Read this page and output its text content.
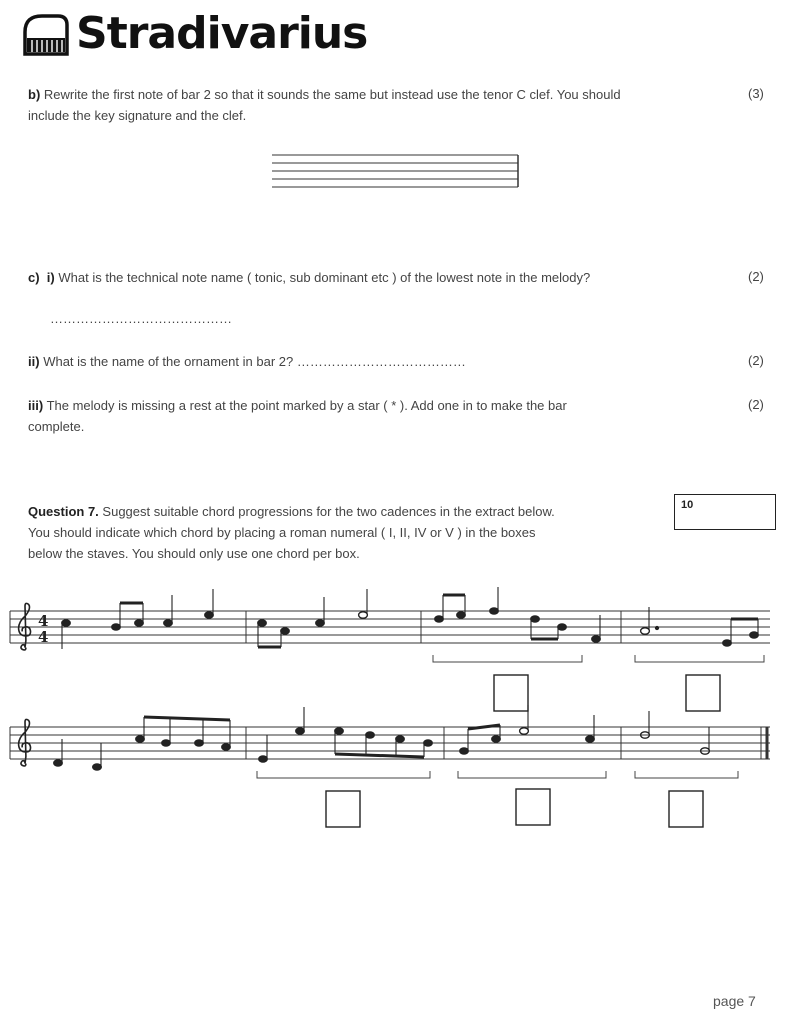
Stradivarius
b) Rewrite the first note of bar 2 so that it sounds the same but instead use the tenor C clef. You should
include the key signature and the clef.
(3)
c) i) What is the technical note name ( tonic, sub dominant etc ) of the lowest note in the melody?	(2)
……………………………………
ii) What is the name of the ornament in bar 2? …………………………………	(2)
iii) The melody is missing a rest at the point marked by a star ( * ). Add one in to make the bar
complete.
(2)
Question 7. Suggest suitable chord progressions for the two cadences in the extract below.
You should indicate which chord by placing a roman numeral ( I, II, IV or V ) in the boxes
below the staves. You should only use one chord per box.
10
4
4
page 7
